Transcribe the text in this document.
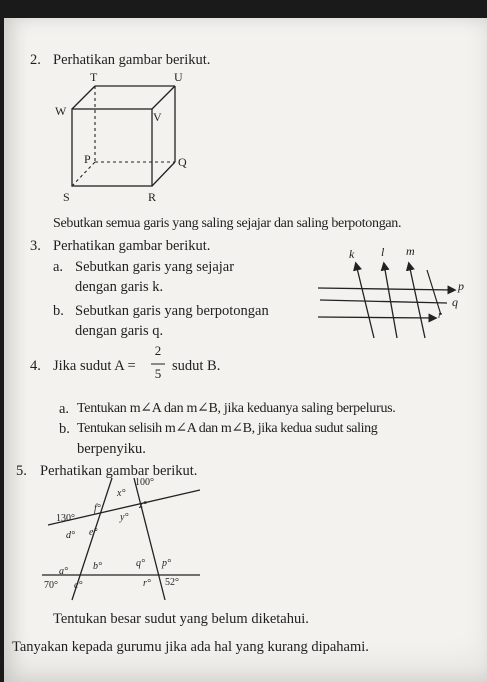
2. Perhatikan gambar berikut.
T	U
W	V
P	Q
S	R
Sebutkan semua garis yang saling sejajar dan saling berpotongan.
3. Perhatikan gambar berikut.
a. Sebutkan garis yang sejajar
dengan garis k.
b. Sebutkan garis yang berpotongan
dengan garis q.
k l m
p
q
r
4. Jika sudut A =
2
5 sudut B.
a. Tentukan m∠A dan m∠B, jika keduanya saling berpelurus.
b. Tentukan selisih m∠A dan m∠B, jika kedua sudut saling
berpenyiku.
5. Perhatikan gambar berikut.
100°
x°
130°
f°
y°
z°
d° e°
a°	b°	q° p°
70° c°	r° 52°
Tentukan besar sudut yang belum diketahui.
Tanyakan kepada gurumu jika ada hal yang kurang dipahami.
